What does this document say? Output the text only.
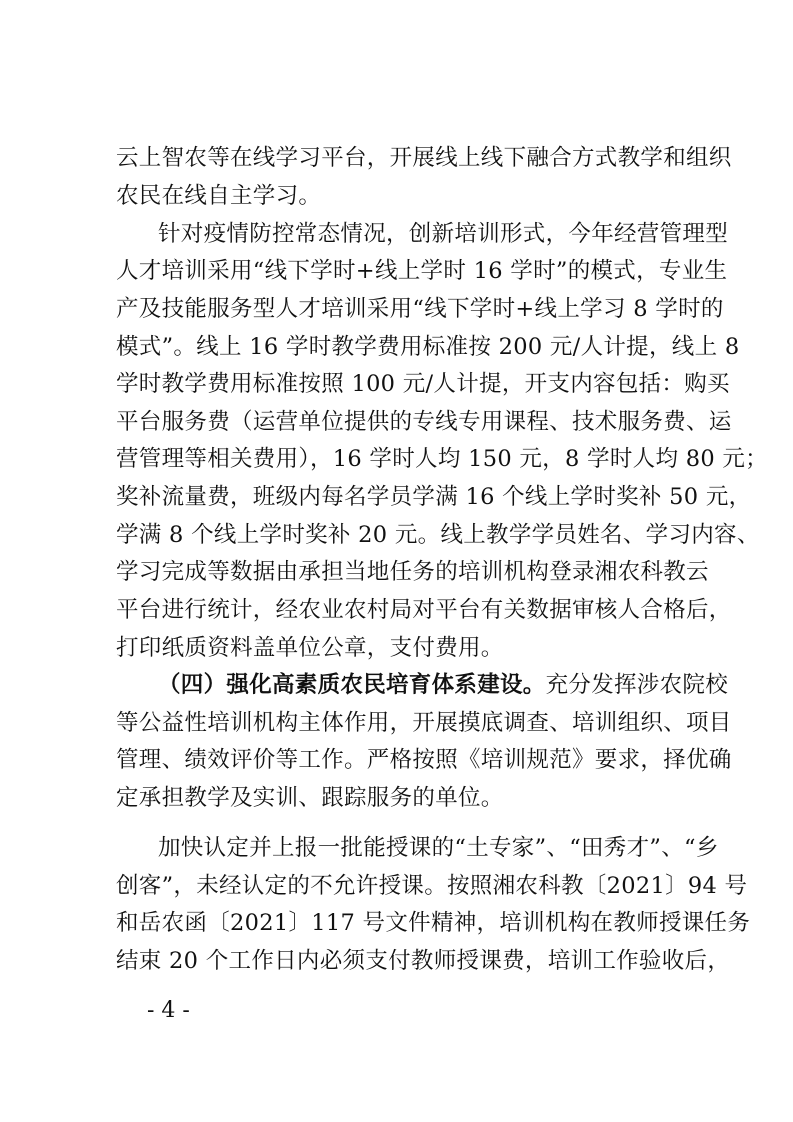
云上智农等在线学习平台，开展线上线下融合方式教学和组织
农民在线自主学习。
针对疫情防控常态情况，创新培训形式，今年经营管理型
人才培训采用“线下学时+线上学时 16 学时”的模式，专业生
产及技能服务型人才培训采用“线下学时+线上学习 8 学时的
模式”。线上 16 学时教学费用标准按 200 元/人计提，线上 8
学时教学费用标准按照 100 元/人计提，开支内容包括：购买
平台服务费（运营单位提供的专线专用课程、技术服务费、运
营管理等相关费用），16 学时人均 150 元，8 学时人均 80 元；
奖补流量费，班级内每名学员学满 16 个线上学时奖补 50 元，
学满 8 个线上学时奖补 20 元。线上教学学员姓名、学习内容、
学习完成等数据由承担当地任务的培训机构登录湘农科教云
平台进行统计，经农业农村局对平台有关数据审核人合格后，
打印纸质资料盖单位公章，支付费用。
（四）强化高素质农民培育体系建设。充分发挥涉农院校
等公益性培训机构主体作用，开展摸底调查、培训组织、项目
管理、绩效评价等工作。严格按照《培训规范》要求，择优确
定承担教学及实训、跟踪服务的单位。
加快认定并上报一批能授课的“土专家”、“田秀才”、“乡
创客”，未经认定的不允许授课。按照湘农科教〔2021〕94 号
和岳农函〔2021〕117 号文件精神，培训机构在教师授课任务
结束 20 个工作日内必须支付教师授课费，培训工作验收后，
- 4 -
